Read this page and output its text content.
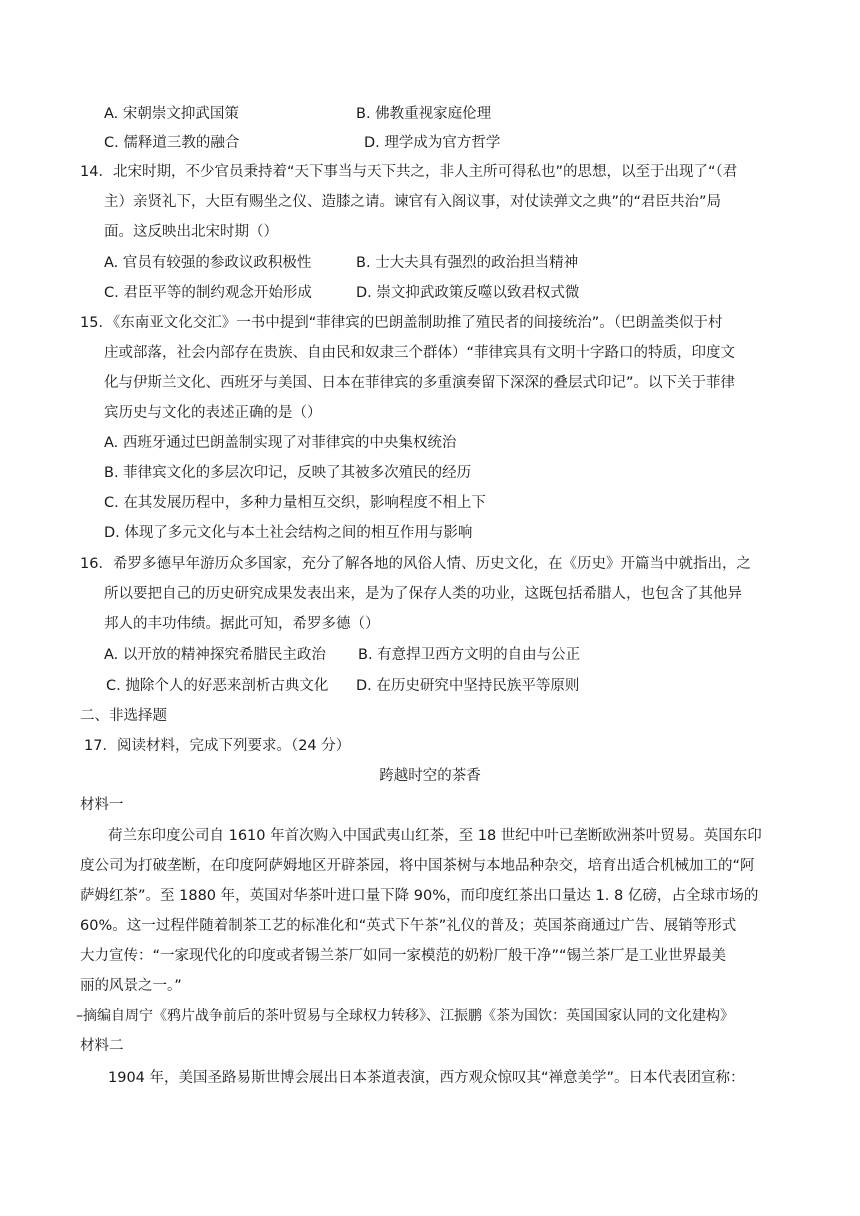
A. 宋朝崇文抑武国策	B. 佛教重视家庭伦理
C. 儒释道三教的融合	D. 理学成为官方哲学
14．北宋时期，不少官员秉持着“天下事当与天下共之，非人主所可得私也”的思想，以至于出现了“（君
主）亲贤礼下，大臣有赐坐之仪、造膝之请。谏官有入阁议事，对仗读弹文之典”的“君臣共治”局
面。这反映出北宋时期（）
A. 官员有较强的参政议政积极性	B. 士大夫具有强烈的政治担当精神
C. 君臣平等的制约观念开始形成	D. 崇文抑武政策反噬以致君权式微
15．《东南亚文化交汇》一书中提到“菲律宾的巴朗盖制助推了殖民者的间接统治”。（巴朗盖类似于村
庄或部落，社会内部存在贵族、自由民和奴隶三个群体）“菲律宾具有文明十字路口的特质，印度文
化与伊斯兰文化、西班牙与美国、日本在菲律宾的多重演奏留下深深的叠层式印记”。以下关于菲律
宾历史与文化的表述正确的是（）
A. 西班牙通过巴朗盖制实现了对菲律宾的中央集权统治
B. 菲律宾文化的多层次印记，反映了其被多次殖民的经历
C. 在其发展历程中，多种力量相互交织，影响程度不相上下
D. 体现了多元文化与本土社会结构之间的相互作用与影响
16．希罗多德早年游历众多国家，充分了解各地的风俗人情、历史文化，在《历史》开篇当中就指出，之
所以要把自己的历史研究成果发表出来，是为了保存人类的功业，这既包括希腊人，也包含了其他异
邦人的丰功伟绩。据此可知，希罗多德（）
A. 以开放的精神探究希腊民主政治 B. 有意捍卫西方文明的自由与公正
C. 抛除个人的好恶来剖析古典文化 D. 在历史研究中坚持民族平等原则
二、非选择题
17．阅读材料，完成下列要求。（24 分）
跨越时空的茶香
材料一
荷兰东印度公司自 1610 年首次购入中国武夷山红茶，至 18 世纪中叶已垄断欧洲茶叶贸易。英国东印
度公司为打破垄断，在印度阿萨姆地区开辟茶园，将中国茶树与本地品种杂交，培育出适合机械加工的“阿
萨姆红茶”。至 1880 年，英国对华茶叶进口量下降 90%，而印度红茶出口量达 1. 8 亿磅，占全球市场的
60%。这一过程伴随着制茶工艺的标准化和“英式下午茶”礼仪的普及；英国茶商通过广告、展销等形式
大力宣传：“一家现代化的印度或者锡兰茶厂如同一家模范的奶粉厂般干净”“锡兰茶厂是工业世界最美
丽的风景之一。”
–摘编自周宁《鸦片战争前后的茶叶贸易与全球权力转移》、江振鹏《茶为国饮：英国国家认同的文化建构》
材料二
1904 年，美国圣路易斯世博会展出日本茶道表演，西方观众惊叹其“禅意美学”。日本代表团宣称：
